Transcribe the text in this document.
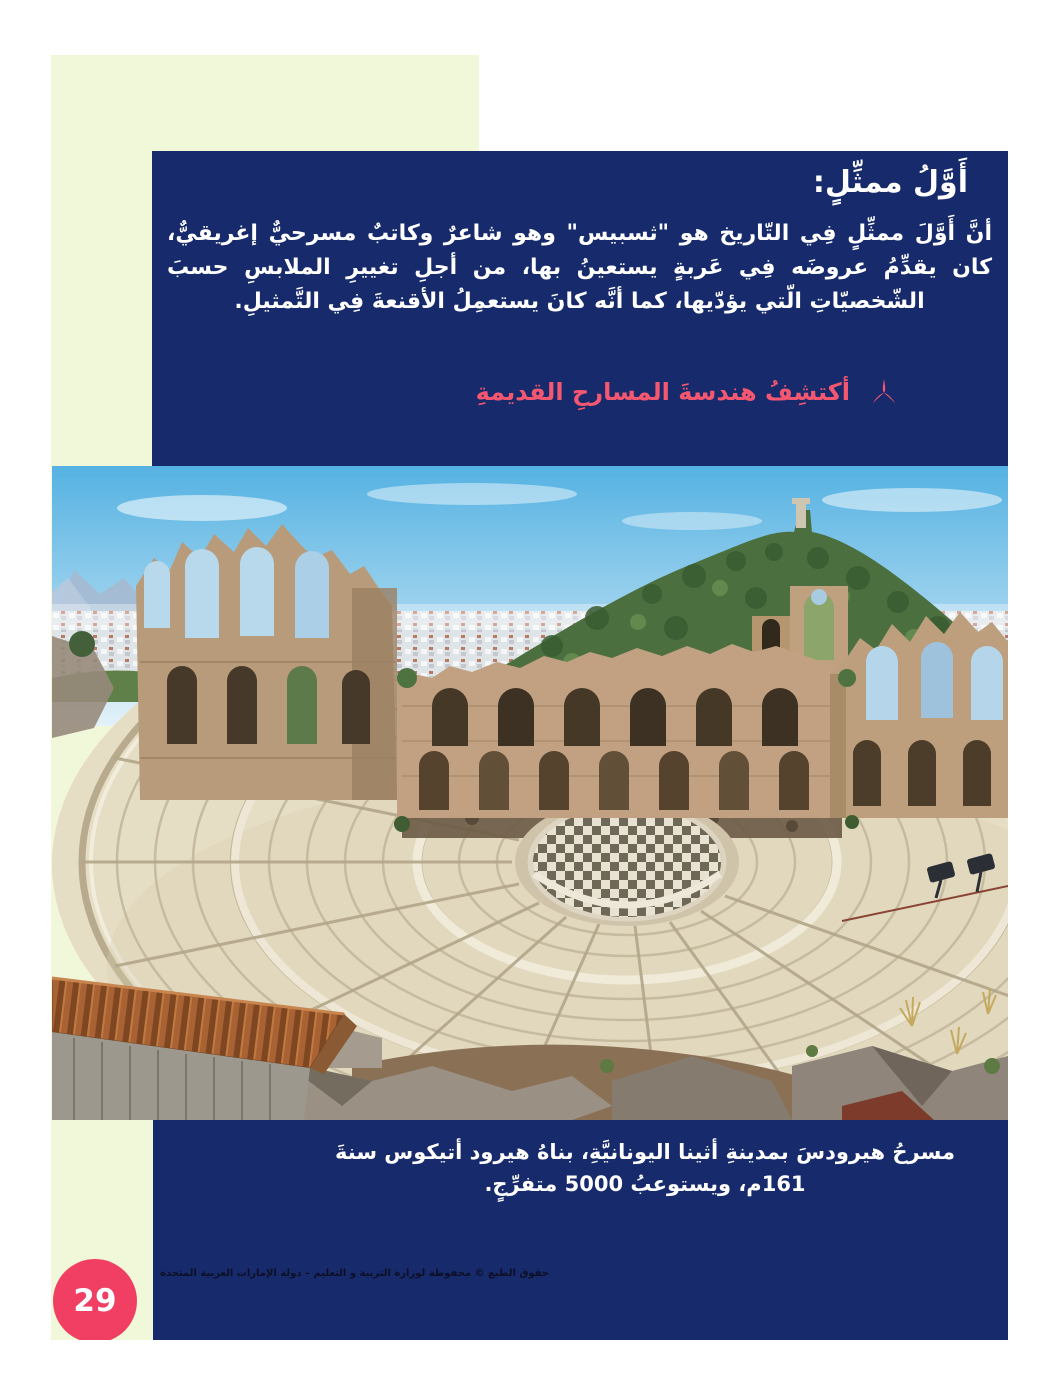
أَوَّلُ ممثِّلٍ:
أنَّ أَوَّلَ ممثِّلٍ فِي التّاريخ هو "ثسبيس" وهو شاعرٌ وكاتبٌ مسرحيٌّ إغريقيٌّ، كان يقدِّمُ عروضَه فِي عَربةٍ يستعينُ بها، من أجلِ تغييرِ الملابسِ حسبَ الشّخصيّاتِ الّتي يؤدّيها، كما أنَّه كانَ يستعمِلُ الأقنعةَ فِي التَّمثيلِ.
أكتشِفُ هندسةَ المسارحِ القديمةِ
مسرحُ هيرودسَ بمدينةِ أثينا اليونانيَّةِ، بناهُ هيرود أتيكوس سنةَ 161م، ويستوعبُ 5000 متفرِّجٍ.
حقوق الطبع © محفوظة لوزارة التربية و التعليم – دولة الإمارات العربية المتحدة
29
